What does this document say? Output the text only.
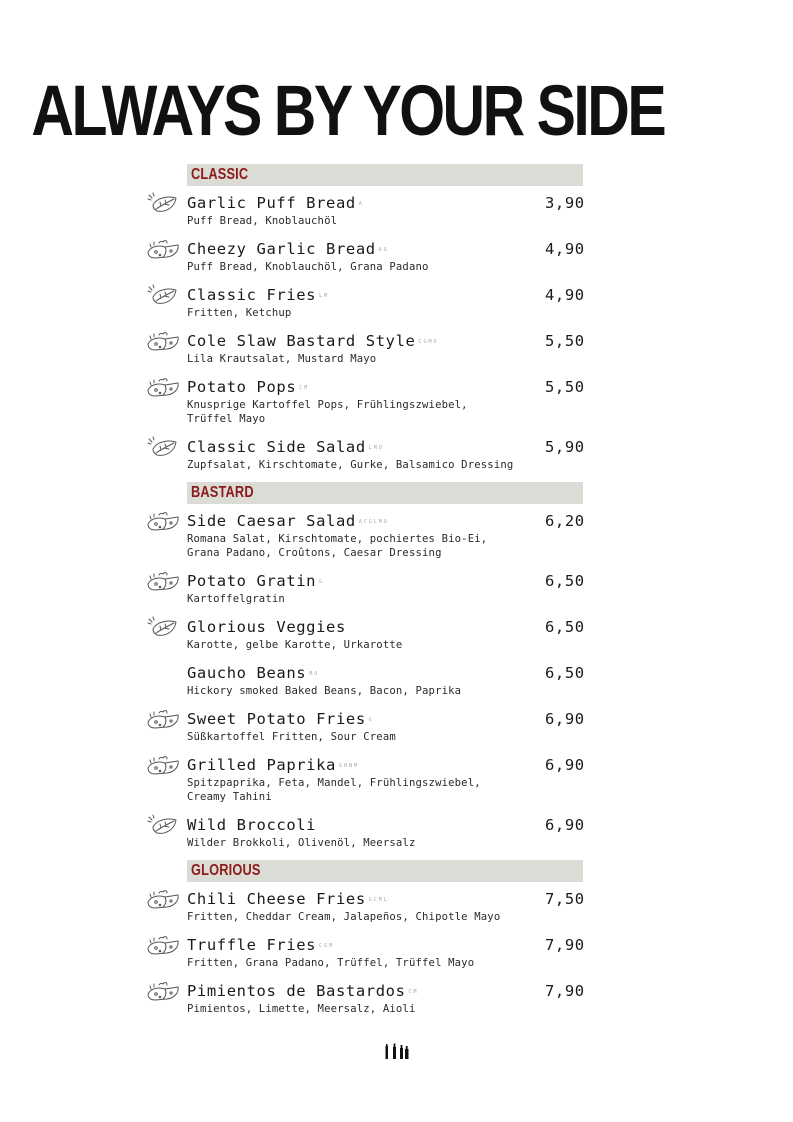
ALWAYS BY YOUR SIDE
CLASSIC
Garlic Puff Bread A	3,90
Puff Bread, Knoblauchöl
Cheezy Garlic Bread AG	4,90
Puff Bread, Knoblauchöl, Grana Padano
Classic Fries LM	4,90
Fritten, Ketchup
Cole Slaw Bastard Style CGMO	5,50
Lila Krautsalat, Mustard Mayo
Potato Pops CM	5,50
Knusprige Kartoffel Pops, Frühlingszwiebel,
Trüffel Mayo
Classic Side Salad LMO	5,90
Zupfsalat, Kirschtomate, Gurke, Balsamico Dressing
BASTARD
Side Caesar Salad ACGLMO	6,20
Romana Salat, Kirschtomate, pochiertes Bio-Ei,
Grana Padano, Croûtons, Caesar Dressing
Potato Gratin G	6,50
Kartoffelgratin
Glorious Veggies	6,50
Karotte, gelbe Karotte, Urkarotte
Gaucho Beans MO	6,50
Hickory smoked Baked Beans, Bacon, Paprika
Sweet Potato Fries G	6,90
Süßkartoffel Fritten, Sour Cream
Grilled Paprika GHNM	6,90
Spitzpaprika, Feta, Mandel, Frühlingszwiebel,
Creamy Tahini
Wild Broccoli	6,90
Wilder Brokkoli, Olivenöl, Meersalz
GLORIOUS
Chili Cheese Fries GCML	7,50
Fritten, Cheddar Cream, Jalapeños, Chipotle Mayo
Truffle Fries CGM	7,90
Fritten, Grana Padano, Trüffel, Trüffel Mayo
Pimientos de Bastardos CM	7,90
Pimientos, Limette, Meersalz, Aioli
